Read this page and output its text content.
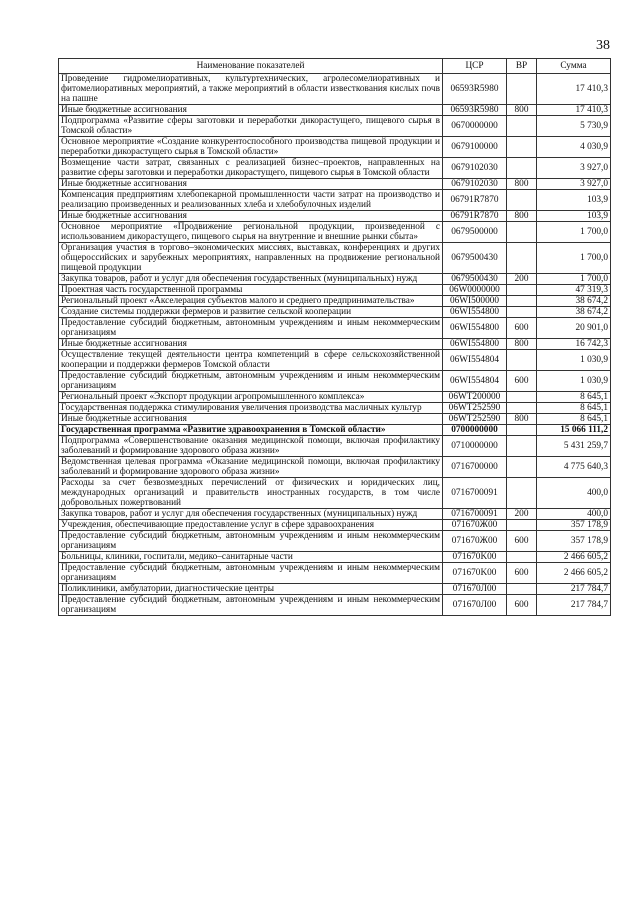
38
Наименование показателей	ЦСР	ВР	Сумма
Проведение гидромелиоративных, культуртехнических, агролесомелиоративных и фитомелиоративных мероприятий, а также мероприятий в области известкования кислых почв на пашне	06593R5980		17 410,3
Иные бюджетные ассигнования	06593R5980	800	17 410,3
Подпрограмма «Развитие сферы заготовки и переработки дикорастущего, пищевого сырья в Томской области»	0670000000		5 730,9
Основное мероприятие «Создание конкурентоспособного производства пищевой продукции и переработки дикорастущего сырья в Томской области»	0679100000		4 030,9
Возмещение части затрат, связанных с реализацией бизнес–проектов, направленных на развитие сферы заготовки и переработки дикорастущего, пищевого сырья в Томской области	0679102030		3 927,0
Иные бюджетные ассигнования	0679102030	800	3 927,0
Компенсация предприятиям хлебопекарной промышленности части затрат на производство и реализацию произведенных и реализованных хлеба и хлебобулочных изделий	06791R7870		103,9
Иные бюджетные ассигнования	06791R7870	800	103,9
Основное мероприятие «Продвижение региональной продукции, произведенной с использованием дикорастущего, пищевого сырья на внутренние и внешние рынки сбыта»	0679500000		1 700,0
Организация участия в торгово–экономических миссиях, выставках, конференциях и других общероссийских и зарубежных мероприятиях, направленных на продвижение региональной пищевой продукции	0679500430		1 700,0
Закупка товаров, работ и услуг для обеспечения государственных (муниципальных) нужд	0679500430	200	1 700,0
Проектная часть государственной программы	06W0000000		47 319,3
Региональный проект «Акселерация субъектов малого и среднего предпринимательства»	06WI500000		38 674,2
Создание системы поддержки фермеров и развитие сельской кооперации	06WI554800		38 674,2
Предоставление субсидий бюджетным, автономным учреждениям и иным некоммерческим организациям	06WI554800	600	20 901,0
Иные бюджетные ассигнования	06WI554800	800	16 742,3
Осуществление текущей деятельности центра компетенций в сфере сельскохозяйственной кооперации и поддержки фермеров Томской области	06WI554804		1 030,9
Предоставление субсидий бюджетным, автономным учреждениям и иным некоммерческим организациям	06WI554804	600	1 030,9
Региональный проект «Экспорт продукции агропромышленного комплекса»	06WT200000		8 645,1
Государственная поддержка стимулирования увеличения производства масличных культур	06WT252590		8 645,1
Иные бюджетные ассигнования	06WT252590	800	8 645,1
Государственная программа «Развитие здравоохранения в Томской области»	0700000000		15 066 111,2
Подпрограмма «Совершенствование оказания медицинской помощи, включая профилактику заболеваний и формирование здорового образа жизни»	0710000000		5 431 259,7
Ведомственная целевая программа «Оказание медицинской помощи, включая профилактику заболеваний и формирование здорового образа жизни»	0716700000		4 775 640,3
Расходы за счет безвозмездных перечислений от физических и юридических лиц, международных организаций и правительств иностранных государств, в том числе добровольных пожертвований	0716700091		400,0
Закупка товаров, работ и услуг для обеспечения государственных (муниципальных) нужд	0716700091	200	400,0
Учреждения, обеспечивающие предоставление услуг в сфере здравоохранения	071670Ж00		357 178,9
Предоставление субсидий бюджетным, автономным учреждениям и иным некоммерческим организациям	071670Ж00	600	357 178,9
Больницы, клиники, госпитали, медико–санитарные части	071670K00		2 466 605,2
Предоставление субсидий бюджетным, автономным учреждениям и иным некоммерческим организациям	071670K00	600	2 466 605,2
Поликлиники, амбулатории, диагностические центры	071670Л00		217 784,7
Предоставление субсидий бюджетным, автономным учреждениям и иным некоммерческим организациям	071670Л00	600	217 784,7
